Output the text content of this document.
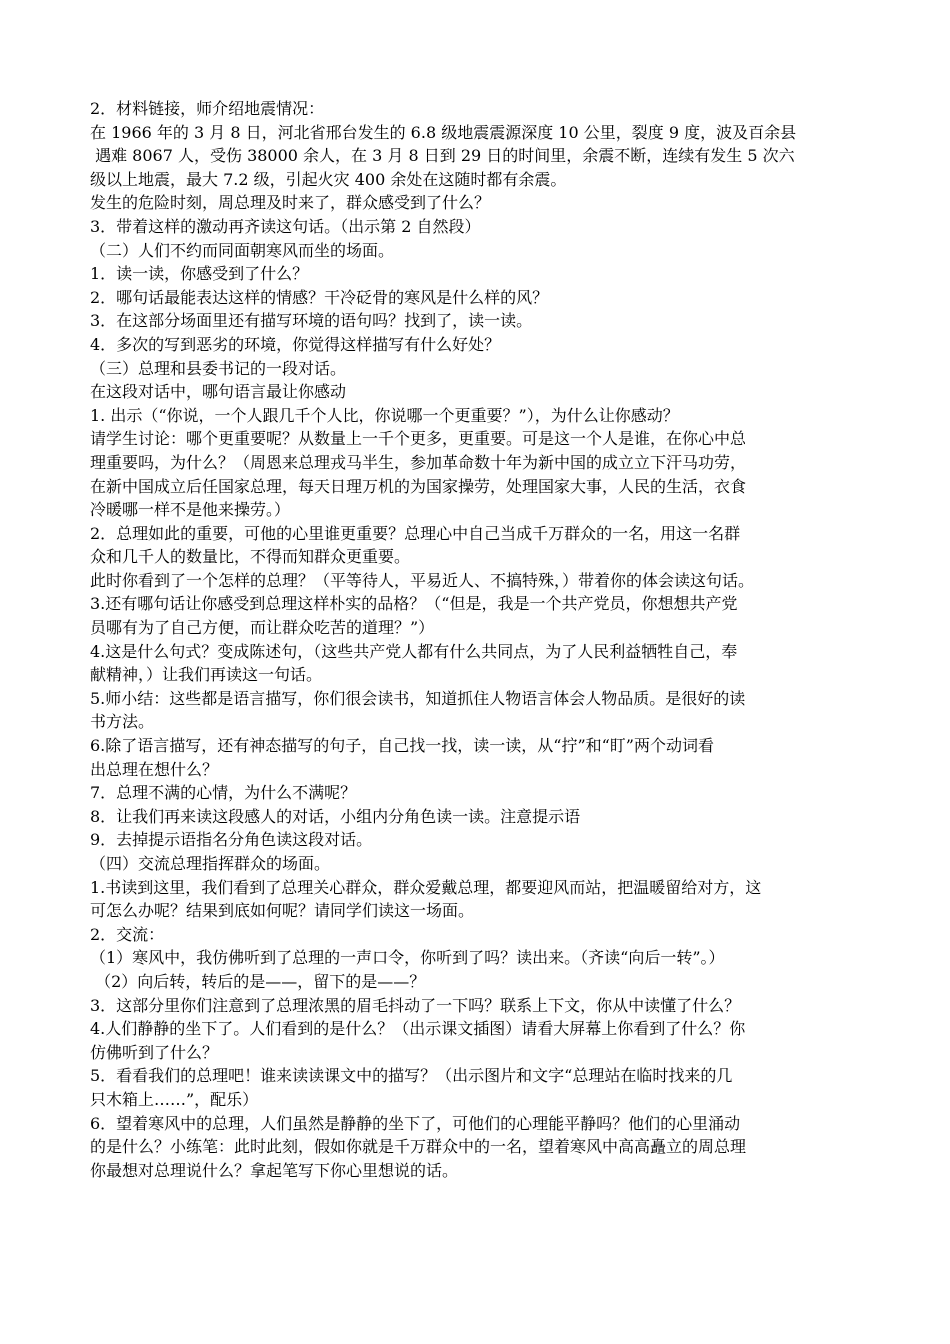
2．材料链接，师介绍地震情况：
在 1966 年的 3 月 8 日，河北省邢台发生的 6.8 级地震震源深度 10 公里，裂度 9 度，波及百余县
遇难 8067 人，受伤 38000 余人，在 3 月 8 日到 29 日的时间里，余震不断，连续有发生 5 次六
级以上地震，最大 7.2 级，引起火灾 400 余处在这随时都有余震。
发生的危险时刻，周总理及时来了，群众感受到了什么？
3．带着这样的激动再齐读这句话。（出示第 2 自然段）
（二）人们不约而同面朝寒风而坐的场面。
1．读一读，你感受到了什么？
2．哪句话最能表达这样的情感？干冷砭骨的寒风是什么样的风？
3．在这部分场面里还有描写环境的语句吗？找到了，读一读。
4．多次的写到恶劣的环境，你觉得这样描写有什么好处？
（三）总理和县委书记的一段对话。
在这段对话中，哪句语言最让你感动
1. 出示（“你说，一个人跟几千个人比，你说哪一个更重要？”），为什么让你感动？
请学生讨论：哪个更重要呢？从数量上一千个更多，更重要。可是这一个人是谁，在你心中总
理重要吗，为什么？（周恩来总理戎马半生，参加革命数十年为新中国的成立立下汗马功劳，
在新中国成立后任国家总理，每天日理万机的为国家操劳，处理国家大事，人民的生活，衣食
冷暖哪一样不是他来操劳。）
2．总理如此的重要，可他的心里谁更重要？总理心中自己当成千万群众的一名，用这一名群
众和几千人的数量比，不得而知群众更重要。
此时你看到了一个怎样的总理？（平等待人，平易近人、不搞特殊，）带着你的体会读这句话。
3.还有哪句话让你感受到总理这样朴实的品格？（“但是，我是一个共产党员，你想想共产党
员哪有为了自己方便，而让群众吃苦的道理？”）
4.这是什么句式？变成陈述句，（这些共产党人都有什么共同点，为了人民利益牺牲自己，奉
献精神，）让我们再读这一句话。
5.师小结：这些都是语言描写，你们很会读书，知道抓住人物语言体会人物品质。是很好的读
书方法。
6.除了语言描写，还有神态描写的句子，自己找一找，读一读，从“拧”和“盯”两个动词看
出总理在想什么？
7．总理不满的心情，为什么不满呢？
8．让我们再来读这段感人的对话，小组内分角色读一读。注意提示语
9．去掉提示语指名分角色读这段对话。
（四）交流总理指挥群众的场面。
1.书读到这里，我们看到了总理关心群众，群众爱戴总理，都要迎风而站，把温暖留给对方，这
可怎么办呢？结果到底如何呢？请同学们读这一场面。
2．交流：
（1）寒风中，我仿佛听到了总理的一声口令，你听到了吗？读出来。（齐读“向后一转”。）
（2）向后转，转后的是——，留下的是——？
3．这部分里你们注意到了总理浓黑的眉毛抖动了一下吗？联系上下文，你从中读懂了什么？
4.人们静静的坐下了。人们看到的是什么？（出示课文插图）请看大屏幕上你看到了什么？你
仿佛听到了什么？
5．看看我们的总理吧！谁来读读课文中的描写？（出示图片和文字“总理站在临时找来的几
只木箱上……”，配乐）
6．望着寒风中的总理，人们虽然是静静的坐下了，可他们的心理能平静吗？他们的心里涌动
的是什么？小练笔：此时此刻，假如你就是千万群众中的一名，望着寒风中高高矗立的周总理
你最想对总理说什么？拿起笔写下你心里想说的话。
